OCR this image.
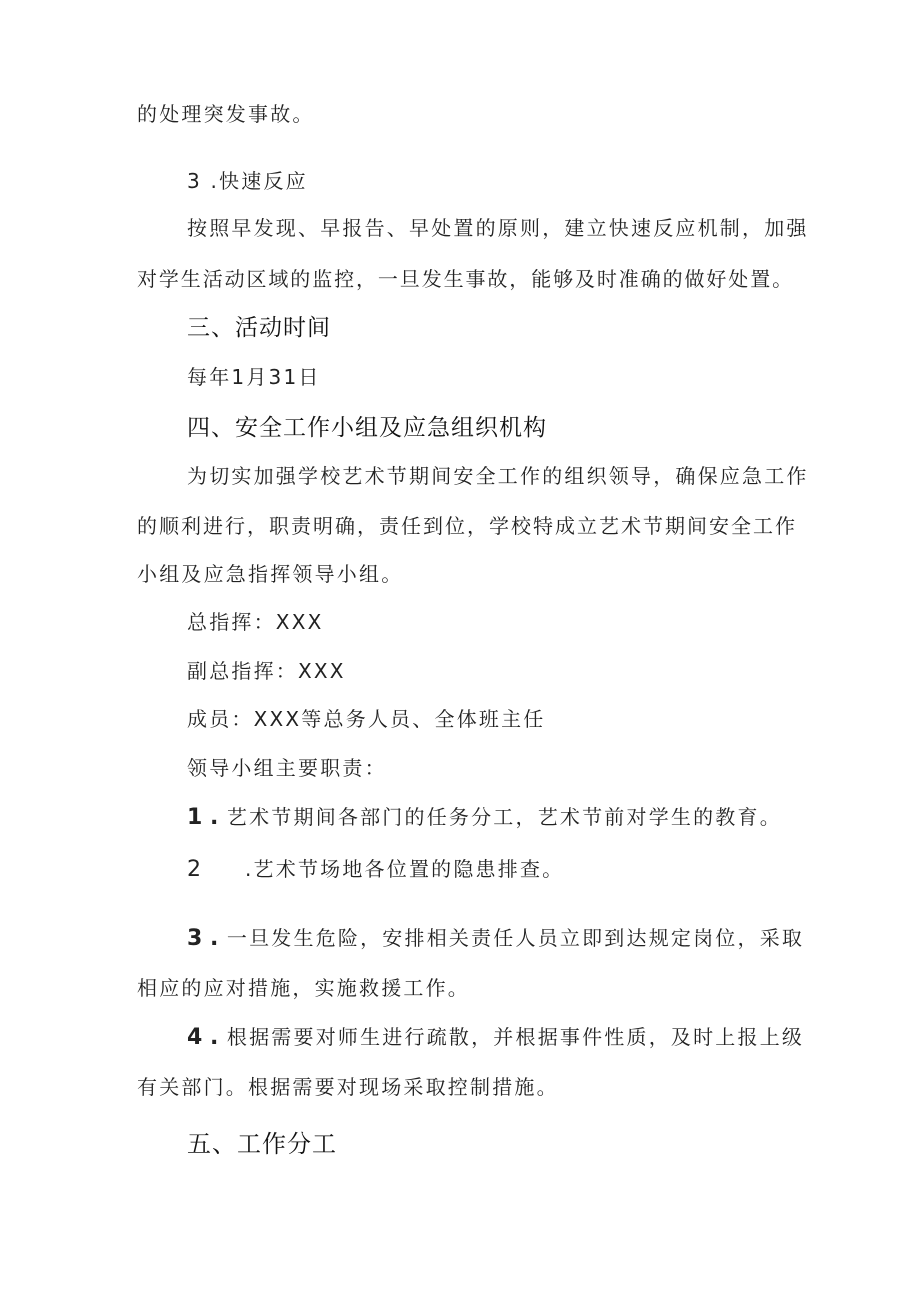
的处理突发事故。
3 .快速反应
按照早发现、早报告、早处置的原则，建立快速反应机制，加强
对学生活动区域的监控，一旦发生事故，能够及时准确的做好处置。
三、活动时间
每年1月31日
四、安全工作小组及应急组织机构
为切实加强学校艺术节期间安全工作的组织领导，确保应急工作
的顺利进行，职责明确，责任到位，学校特成立艺术节期间安全工作
小组及应急指挥领导小组。
总指挥：XXX
副总指挥：XXX
成员：XXX等总务人员、全体班主任
领导小组主要职责：
1 . 艺术节期间各部门的任务分工，艺术节前对学生的教育。
2 .艺术节场地各位置的隐患排查。
3 . 一旦发生危险，安排相关责任人员立即到达规定岗位，采取
相应的应对措施，实施救援工作。
4 . 根据需要对师生进行疏散，并根据事件性质，及时上报上级
有关部门。根据需要对现场采取控制措施。
五、工作分工
